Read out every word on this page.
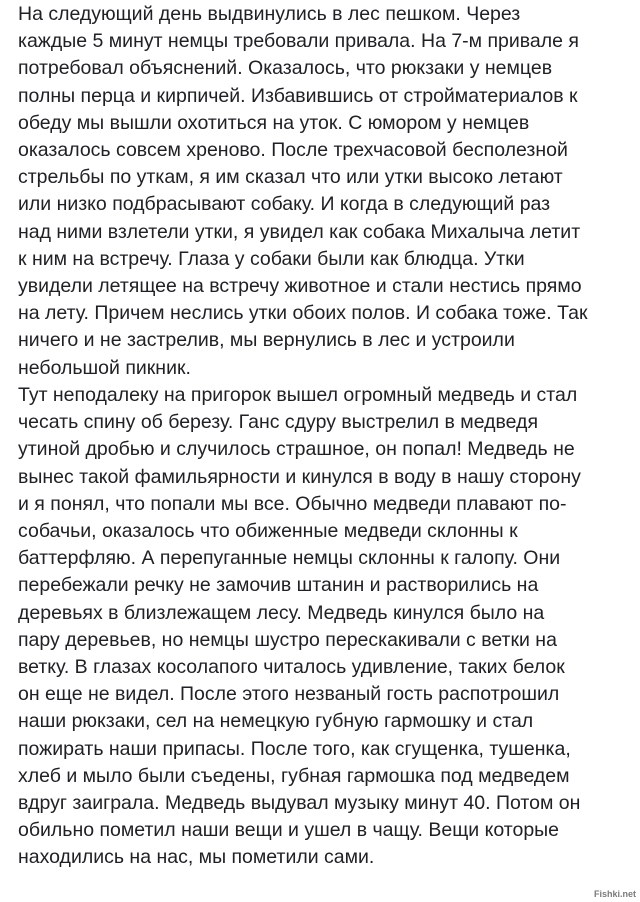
На следующий день выдвинулись в лес пешком. Через
каждые 5 минут немцы требовали привала. На 7-м привале я
потребовал объяснений. Оказалось, что рюкзаки у немцев
полны перца и кирпичей. Избавившись от стройматериалов к
обеду мы вышли охотиться на уток. С юмором у немцев
оказалось совсем хреново. После трехчасовой бесполезной
стрельбы по уткам, я им сказал что или утки высоко летают
или низко подбрасывают собаку. И когда в следующий раз
над ними взлетели утки, я увидел как собака Михалыча летит
к ним на встречу. Глаза у собаки были как блюдца. Утки
увидели летящее на встречу животное и стали нестись прямо
на лету. Причем неслись утки обоих полов. И собака тоже. Так
ничего и не застрелив, мы вернулись в лес и устроили
небольшой пикник.
Тут неподалеку на пригорок вышел огромный медведь и стал
чесать спину об березу. Ганс сдуру выстрелил в медведя
утиной дробью и случилось страшное, он попал! Медведь не
вынес такой фамильярности и кинулся в воду в нашу сторону
и я понял, что попали мы все. Обычно медведи плавают по-
собачьи, оказалось что обиженные медведи склонны к
баттерфляю. А перепуганные немцы склонны к галопу. Они
перебежали речку не замочив штанин и растворились на
деревьях в близлежащем лесу. Медведь кинулся было на
пару деревьев, но немцы шустро перескакивали с ветки на
ветку. В глазах косолапого читалось удивление, таких белок
он еще не видел. После этого незваный гость распотрошил
наши рюкзаки, сел на немецкую губную гармошку и стал
пожирать наши припасы. После того, как сгущенка, тушенка,
хлеб и мыло были съедены, губная гармошка под медведем
вдруг заиграла. Медведь выдувал музыку минут 40. Потом он
обильно пометил наши вещи и ушел в чащу. Вещи которые
находились на нас, мы пометили сами.
Fishki.net
